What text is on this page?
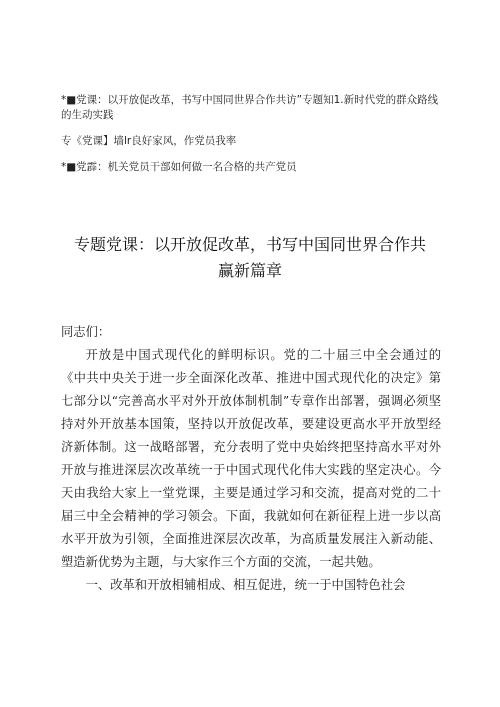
*■党课：以开放促改革，书写中国同世界合作共访”专题知1.新时代党的群众路线的生动实践
专《党课】墙lr良好家风，作党员我率
*■党霹：机关党员干部如何做一名合格的共产党员
专题党课：以开放促改革，书写中国同世界合作共赢新篇章

同志们：

开放是中国式现代化的鲜明标识。党的二十届三中全会通过的《中共中央关于进一步全面深化改革、推进中国式现代化的决定》第七部分以“完善高水平对外开放体制机制”专章作出部署，强调必须坚持对外开放基本国策，坚持以开放促改革，要建设更高水平开放型经济新体制。这一战略部署，充分表明了党中央始终把坚持高水平对外开放与推进深层次改革统一于中国式现代化伟大实践的坚定决心。今天由我给大家上一堂党课，主要是通过学习和交流，提高对党的二十届三中全会精神的学习领会。下面，我就如何在新征程上进一步以高水平开放为引领，全面推进深层次改革，为高质量发展注入新动能、塑造新优势为主题，与大家作三个方面的交流，一起共勉。

一、改革和开放相辅相成、相互促进，统一于中国特色社会
